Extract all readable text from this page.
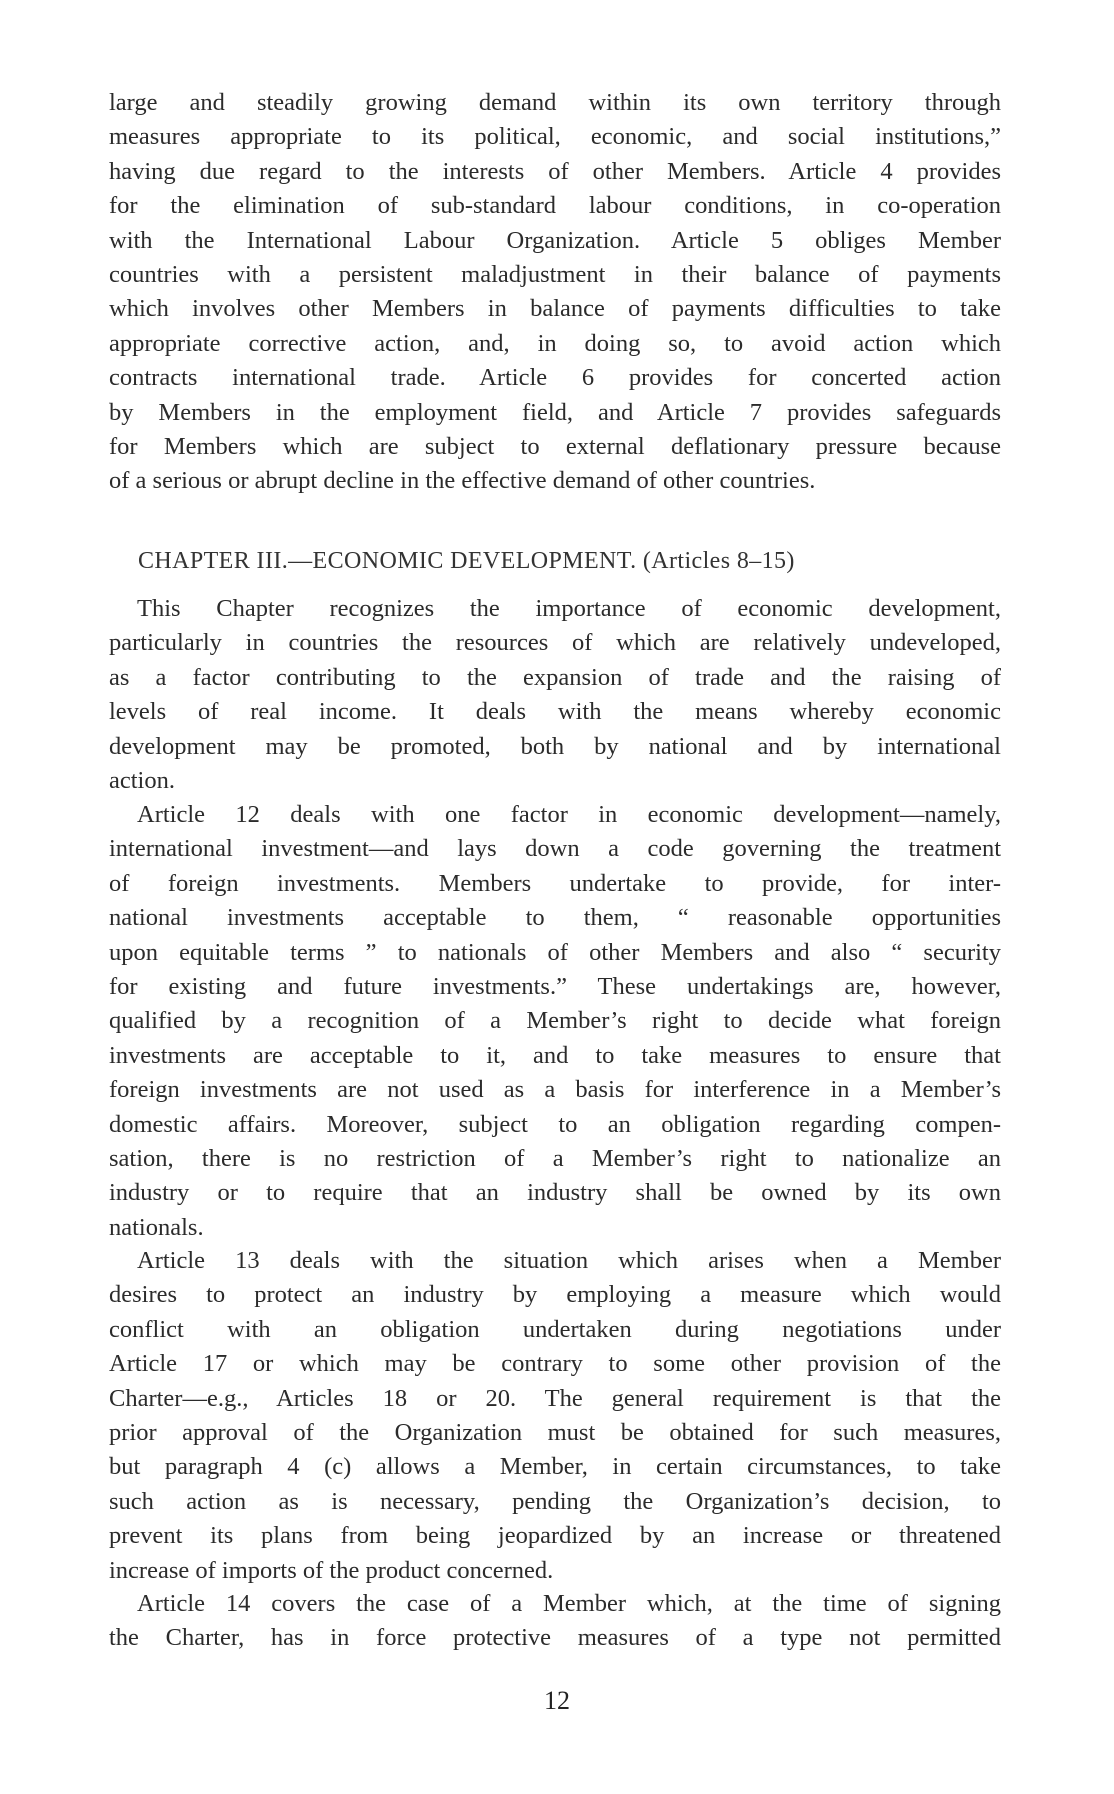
large and steadily growing demand within its own territory through
measures appropriate to its political, economic, and social institutions,”
having due regard to the interests of other Members. Article 4 provides
for the elimination of sub-standard labour conditions, in co-operation
with the International Labour Organization. Article 5 obliges Member
countries with a persistent maladjustment in their balance of payments
which involves other Members in balance of payments difficulties to take
appropriate corrective action, and, in doing so, to avoid action which
contracts international trade. Article 6 provides for concerted action
by Members in the employment field, and Article 7 provides safeguards
for Members which are subject to external deflationary pressure because
of a serious or abrupt decline in the effective demand of other countries.
CHAPTER III.—ECONOMIC DEVELOPMENT. (Articles 8–15)
This Chapter recognizes the importance of economic development,
particularly in countries the resources of which are relatively undeveloped,
as a factor contributing to the expansion of trade and the raising of
levels of real income. It deals with the means whereby economic
development may be promoted, both by national and by international
action.
Article 12 deals with one factor in economic development—namely,
international investment—and lays down a code governing the treatment
of foreign investments. Members undertake to provide, for inter-
national investments acceptable to them, “ reasonable opportunities
upon equitable terms ” to nationals of other Members and also “ security
for existing and future investments.” These undertakings are, however,
qualified by a recognition of a Member’s right to decide what foreign
investments are acceptable to it, and to take measures to ensure that
foreign investments are not used as a basis for interference in a Member’s
domestic affairs. Moreover, subject to an obligation regarding compen-
sation, there is no restriction of a Member’s right to nationalize an
industry or to require that an industry shall be owned by its own
nationals.
Article 13 deals with the situation which arises when a Member
desires to protect an industry by employing a measure which would
conflict with an obligation undertaken during negotiations under
Article 17 or which may be contrary to some other provision of the
Charter—e.g., Articles 18 or 20. The general requirement is that the
prior approval of the Organization must be obtained for such measures,
but paragraph 4 (c) allows a Member, in certain circumstances, to take
such action as is necessary, pending the Organization’s decision, to
prevent its plans from being jeopardized by an increase or threatened
increase of imports of the product concerned.
Article 14 covers the case of a Member which, at the time of signing
the Charter, has in force protective measures of a type not permitted
12
